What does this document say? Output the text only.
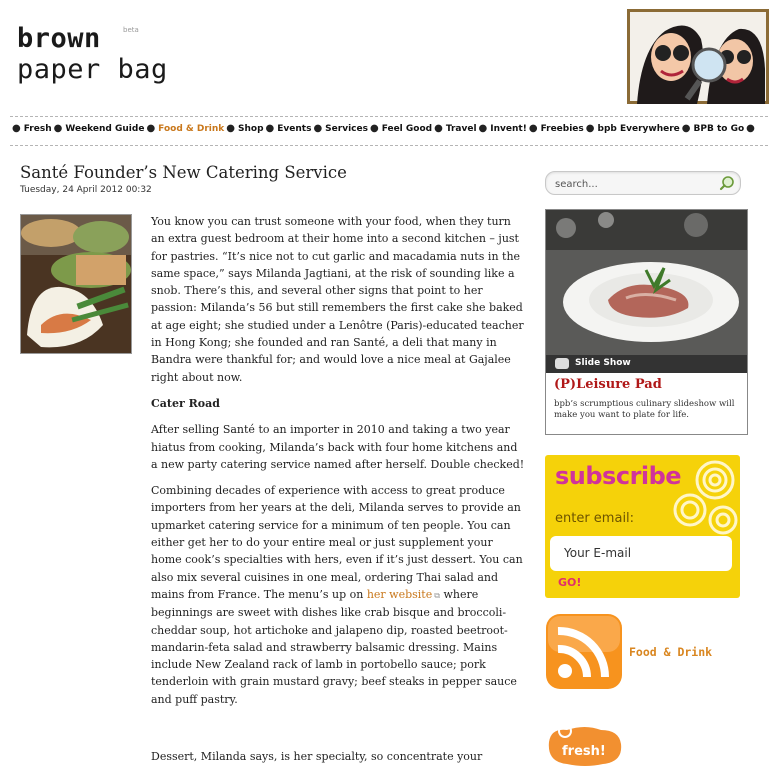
brown
paper bag
beta
● Fresh ● Weekend Guide ● Food & Drink ● Shop ● Events ● Services ● Feel Good ● Travel ● Invent! ● Freebies ● bpb Everywhere ● BPB to Go ●
Santé Founder’s New Catering Service
Tuesday, 24 April 2012 00:32

You know you can trust someone with your food, when they turn an extra guest bedroom at their home into a second kitchen – just for pastries. “It’s nice not to cut garlic and macadamia nuts in the same space,” says Milanda Jagtiani, at the risk of sounding like a snob. There’s this, and several other signs that point to her passion: Milanda’s 56 but still remembers the first cake she baked at age eight; she studied under a Lenôtre (Paris)-educated teacher in Hong Kong; she founded and ran Santé, a deli that many in Bandra were thankful for; and would love a nice meal at Gajalee right about now.

Cater Road

After selling Santé to an importer in 2010 and taking a two year hiatus from cooking, Milanda’s back with four home kitchens and a new party catering service named after herself. Double checked!

Combining decades of experience with access to great produce importers from her years at the deli, Milanda serves to provide an upmarket catering service for a minimum of ten people. You can either get her to do your entire meal or just supplement your home cook’s specialties with hers, even if it’s just dessert. You can also mix several cuisines in one meal, ordering Thai salad and mains from France. The menu’s up on her website ⧉ where beginnings are sweet with dishes like crab bisque and broccoli-cheddar soup, hot artichoke and jalapeno dip, roasted beetroot-mandarin-feta salad and strawberry balsamic dressing. Mains include New Zealand rack of lamb in portobello sauce; pork tenderloin with grain mustard gravy; beef steaks in pepper sauce and puff pastry.

Dessert, Milanda says, is her specialty, so concentrate your
search...
Slide Show
(P)Leisure Pad
bpb’s scrumptious culinary slideshow will make you want to plate for life.
subscribe
enter email:
Your E-mail
GO!
Food & Drink
fresh!
